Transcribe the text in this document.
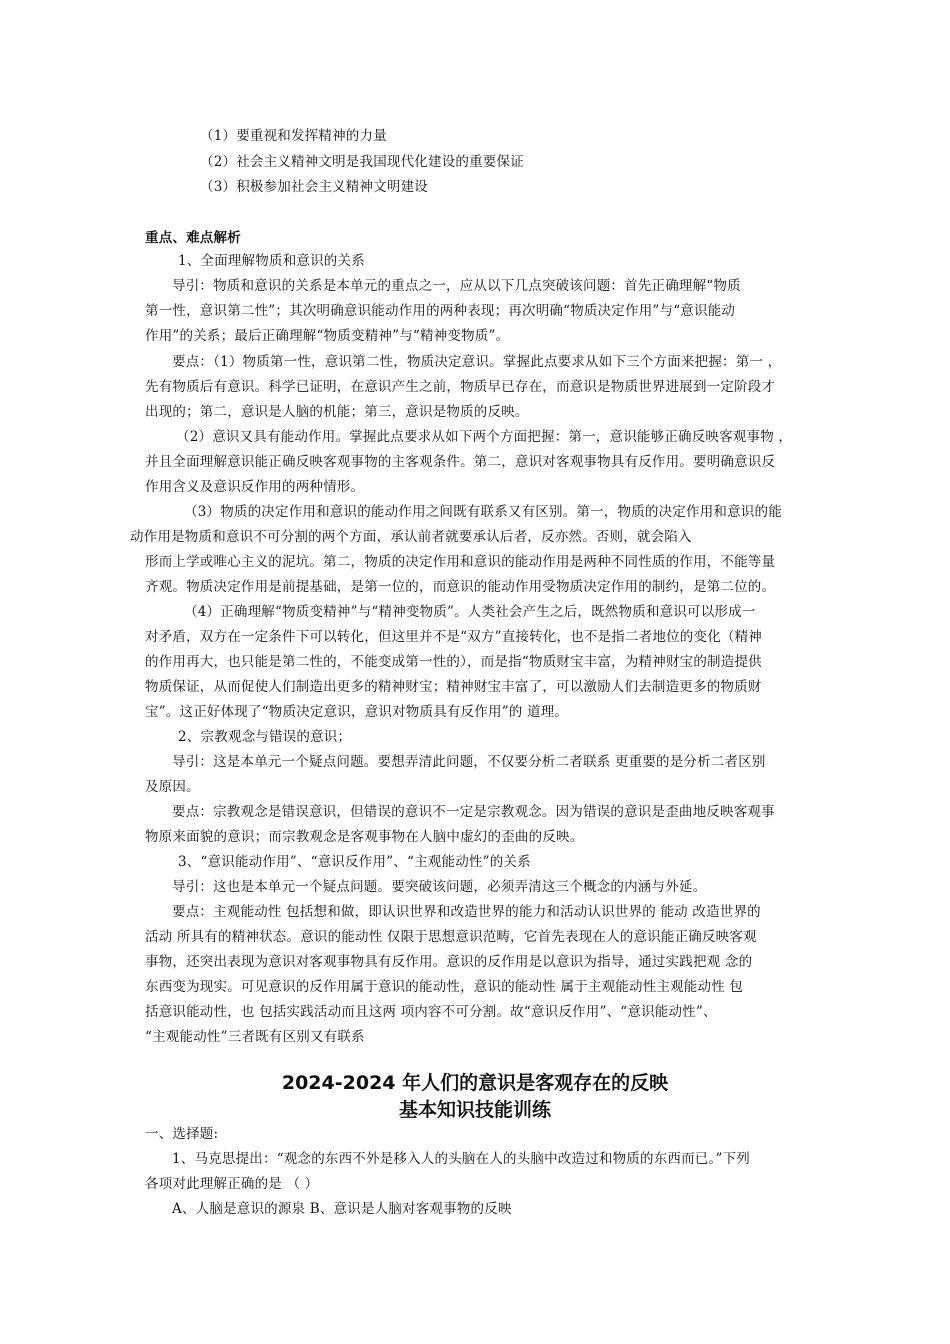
（1）要重视和发挥精神的力量
（2）社会主义精神文明是我国现代化建设的重要保证
（3）积极参加社会主义精神文明建设
重点、难点解析
1、全面理解物质和意识的关系
导引：物质和意识的关系是本单元的重点之一，应从以下几点突破该问题：首先正确理解“物质
第一性，意识第二性”；其次明确意识能动作用的两种表现；再次明确“物质决定作用”与“意识能动
作用”的关系；最后正确理解“物质变精神”与“精神变物质”。
要点：（1）物质第一性，意识第二性，物质决定意识。掌握此点要求从如下三个方面来把握：第一 ，
先有物质后有意识。科学已证明，在意识产生之前，物质早已存在，而意识是物质世界进展到一定阶段才
出现的；第二，意识是人脑的机能；第三，意识是物质的反映。
（2）意识又具有能动作用。掌握此点要求从如下两个方面把握：第一，意识能够正确反映客观事物 ，
并且全面理解意识能正确反映客观事物的主客观条件。第二，意识对客观事物具有反作用。要明确意识反
作用含义及意识反作用的两种情形。
（3）物质的决定作用和意识的能动作用之间既有联系又有区别。第一，物质的决定作用和意识的能
动作用是物质和意识不可分割的两个方面，承认前者就要承认后者，反亦然。否则，就会陷入
形而上学或唯心主义的泥坑。第二，物质的决定作用和意识的能动作用是两种不同性质的作用，不能等量
齐观。物质决定作用是前提基础，是第一位的，而意识的能动作用受物质决定作用的制约，是第二位的。
（4）正确理解“物质变精神”与“精神变物质”。人类社会产生之后，既然物质和意识可以形成一
对矛盾，双方在一定条件下可以转化，但这里并不是“双方”直接转化，也不是指二者地位的变化（精神
的作用再大，也只能是第二性的，不能变成第一性的），而是指“物质财宝丰富，为精神财宝的制造提供
物质保证，从而促使人们制造出更多的精神财宝；精神财宝丰富了，可以激励人们去制造更多的物质财
宝”。这正好体现了“物质决定意识，意识对物质具有反作用”的 道理。
2、宗教观念与错误的意识；
导引：这是本单元一个疑点问题。要想弄清此问题，不仅要分析二者联系 更重要的是分析二者区别
及原因。
要点：宗教观念是错误意识，但错误的意识不一定是宗教观念。因为错误的意识是歪曲地反映客观事
物原来面貌的意识；而宗教观念是客观事物在人脑中虚幻的歪曲的反映。
3、“意识能动作用”、“意识反作用”、“主观能动性”的关系
导引：这也是本单元一个疑点问题。要突破该问题，必须弄清这三个概念的内涵与外延。
要点：主观能动性 包括想和做，即认识世界和改造世界的能力和活动认识世界的 能动 改造世界的
活动 所具有的精神状态。意识的能动性 仅限于思想意识范畴，它首先表现在人的意识能正确反映客观
事物，还突出表现为意识对客观事物具有反作用。意识的反作用是以意识为指导，通过实践把观 念的
东西变为现实。可见意识的反作用属于意识的能动性，意识的能动性 属于主观能动性主观能动性 包
括意识能动性，也 包括实践活动而且这两 项内容不可分割。故“意识反作用”、“意识能动性”、
“主观能动性”三者既有区别又有联系
2024-2024 年人们的意识是客观存在的反映
基本知识技能训练
一、选择题:
1、马克思提出：“观念的东西不外是移入人的头脑在人的头脑中改造过和物质的东西而已。”下列
各项对此理解正确的是 （ ）
A、人脑是意识的源泉 B、意识是人脑对客观事物的反映
